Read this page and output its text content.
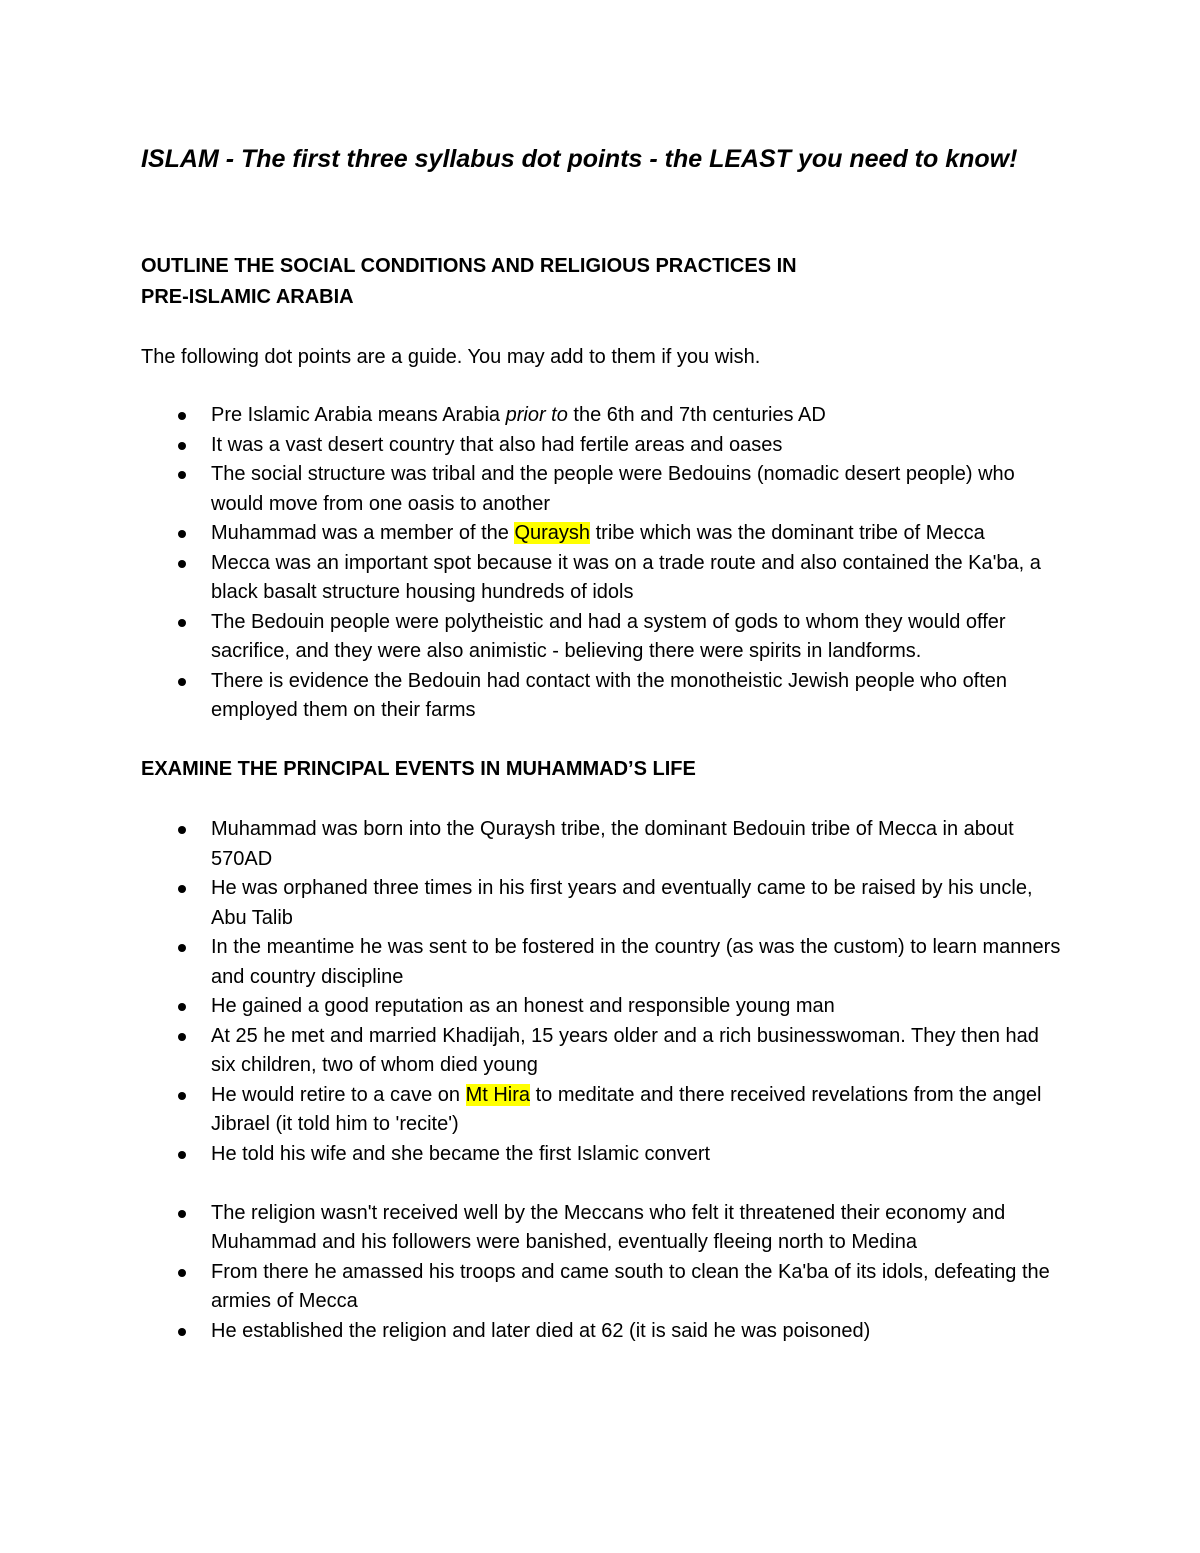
ISLAM - The first three syllabus dot points - the LEAST you need to know!
OUTLINE THE SOCIAL CONDITIONS AND RELIGIOUS PRACTICES IN
PRE-ISLAMIC ARABIA

The following dot points are a guide. You may add to them if you wish.

Pre Islamic Arabia means Arabia prior to the 6th and 7th centuries AD
It was a vast desert country that also had fertile areas and oases
The social structure was tribal and the people were Bedouins (nomadic desert people) who would move from one oasis to another
Muhammad was a member of the Quraysh tribe which was the dominant tribe of Mecca
Mecca was an important spot because it was on a trade route and also contained the Ka'ba, a black basalt structure housing hundreds of idols
The Bedouin people were polytheistic and had a system of gods to whom they would offer sacrifice, and they were also animistic - believing there were spirits in landforms.
There is evidence the Bedouin had contact with the monotheistic Jewish people who often employed them on their farms
EXAMINE THE PRINCIPAL EVENTS IN MUHAMMAD’S LIFE
Muhammad was born into the Quraysh tribe, the dominant Bedouin tribe of Mecca in about 570AD
He was orphaned three times in his first years and eventually came to be raised by his uncle, Abu Talib
In the meantime he was sent to be fostered in the country (as was the custom) to learn manners and country discipline
He gained a good reputation as an honest and responsible young man
At 25 he met and married Khadijah, 15 years older and a rich businesswoman. They then had six children, two of whom died young
He would retire to a cave on Mt Hira to meditate and there received revelations from the angel Jibrael (it told him to 'recite')
He told his wife and she became the first Islamic convert
The religion wasn't received well by the Meccans who felt it threatened their economy and Muhammad and his followers were banished, eventually fleeing north to Medina
From there he amassed his troops and came south to clean the Ka'ba of its idols, defeating the armies of Mecca
He established the religion and later died at 62 (it is said he was poisoned)
